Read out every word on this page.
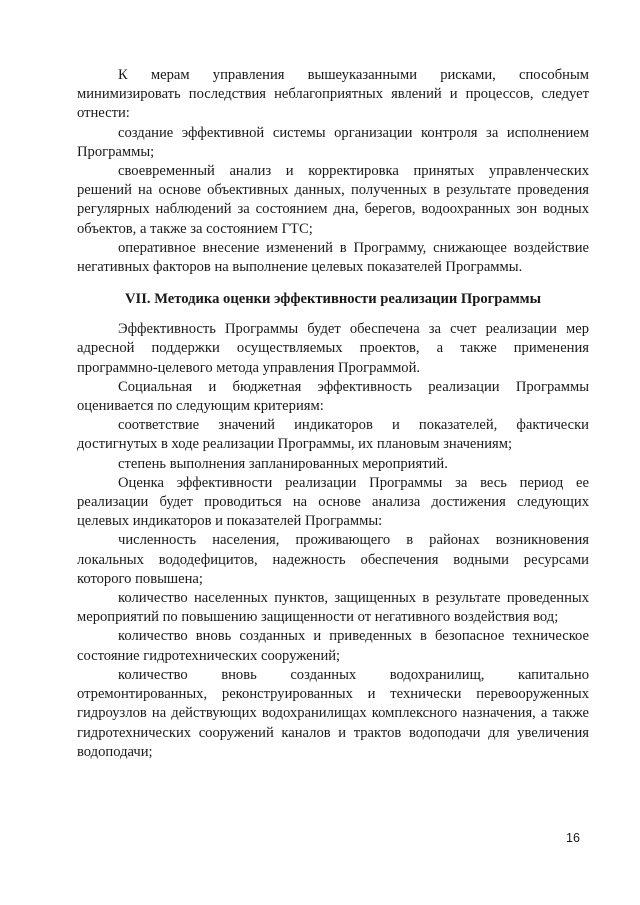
К мерам управления вышеуказанными рисками, способным минимизировать последствия неблагоприятных явлений и процессов, следует отнести:

создание эффективной системы организации контроля за исполнением Программы;

своевременный анализ и корректировка принятых управленческих решений на основе объективных данных, полученных в результате проведения регулярных наблюдений за состоянием дна, берегов, водоохранных зон водных объектов, а также за состоянием ГТС;

оперативное внесение изменений в Программу, снижающее воздействие негативных факторов на выполнение целевых показателей Программы.

VII. Методика оценки эффективности реализации Программы

Эффективность Программы будет обеспечена за счет реализации мер адресной поддержки осуществляемых проектов, а также применения программно-целевого метода управления Программой.

Социальная и бюджетная эффективность реализации Программы оценивается по следующим критериям:

соответствие значений индикаторов и показателей, фактически достигнутых в ходе реализации Программы, их плановым значениям;

степень выполнения запланированных мероприятий.

Оценка эффективности реализации Программы за весь период ее реализации будет проводиться на основе анализа достижения следующих целевых индикаторов и показателей Программы:

численность населения, проживающего в районах возникновения локальных вододефицитов, надежность обеспечения водными ресурсами которого повышена;

количество населенных пунктов, защищенных в результате проведенных мероприятий по повышению защищенности от негативного воздействия вод;

количество вновь созданных и приведенных в безопасное техническое состояние гидротехнических сооружений;

количество вновь созданных водохранилищ, капитально отремонтированных, реконструированных и технически перевооруженных гидроузлов на действующих водохранилищах комплексного назначения, а также гидротехнических сооружений каналов и трактов водоподачи для увеличения водоподачи;

16
